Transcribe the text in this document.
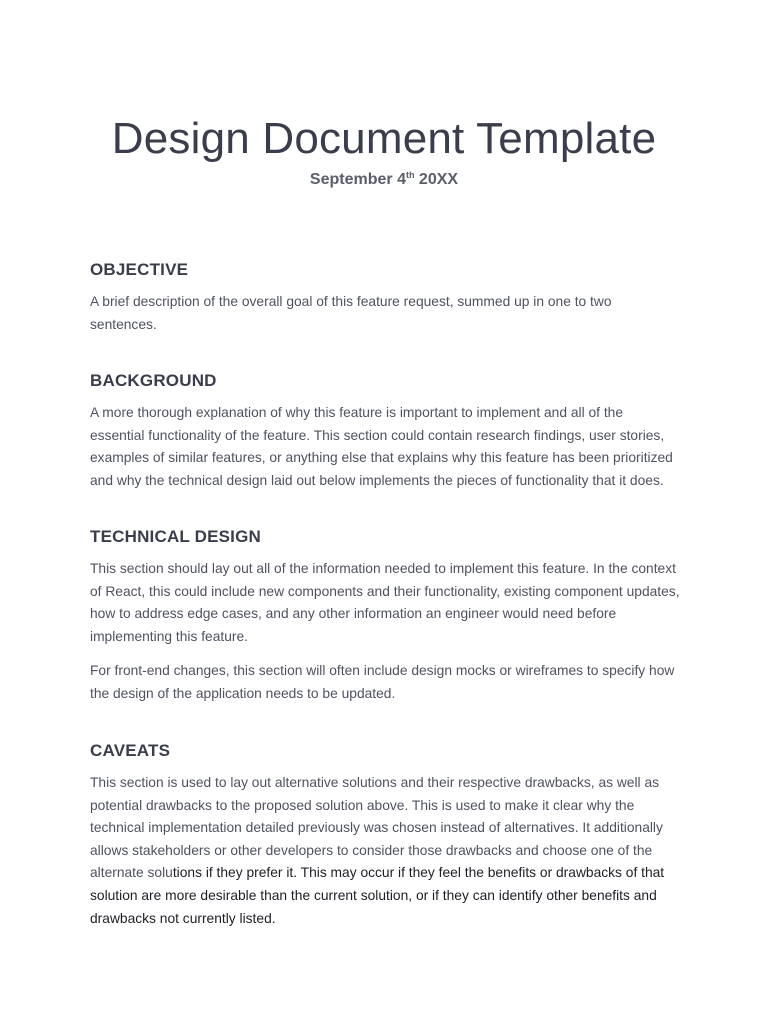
Design Document Template
September 4th 20XX
OBJECTIVE

A brief description of the overall goal of this feature request, summed up in one to two sentences.

BACKGROUND

A more thorough explanation of why this feature is important to implement and all of the essential functionality of the feature. This section could contain research findings, user stories, examples of similar features, or anything else that explains why this feature has been prioritized and why the technical design laid out below implements the pieces of functionality that it does.

TECHNICAL DESIGN

This section should lay out all of the information needed to implement this feature. In the context of React, this could include new components and their functionality, existing component updates, how to address edge cases, and any other information an engineer would need before implementing this feature.

For front-end changes, this section will often include design mocks or wireframes to specify how the design of the application needs to be updated.

CAVEATS

This section is used to lay out alternative solutions and their respective drawbacks, as well as potential drawbacks to the proposed solution above. This is used to make it clear why the technical implementation detailed previously was chosen instead of alternatives. It additionally allows stakeholders or other developers to consider those drawbacks and choose one of the alternate solutions if they prefer it. This may occur if they feel the benefits or drawbacks of that solution are more desirable than the current solution, or if they can identify other benefits and drawbacks not currently listed.
